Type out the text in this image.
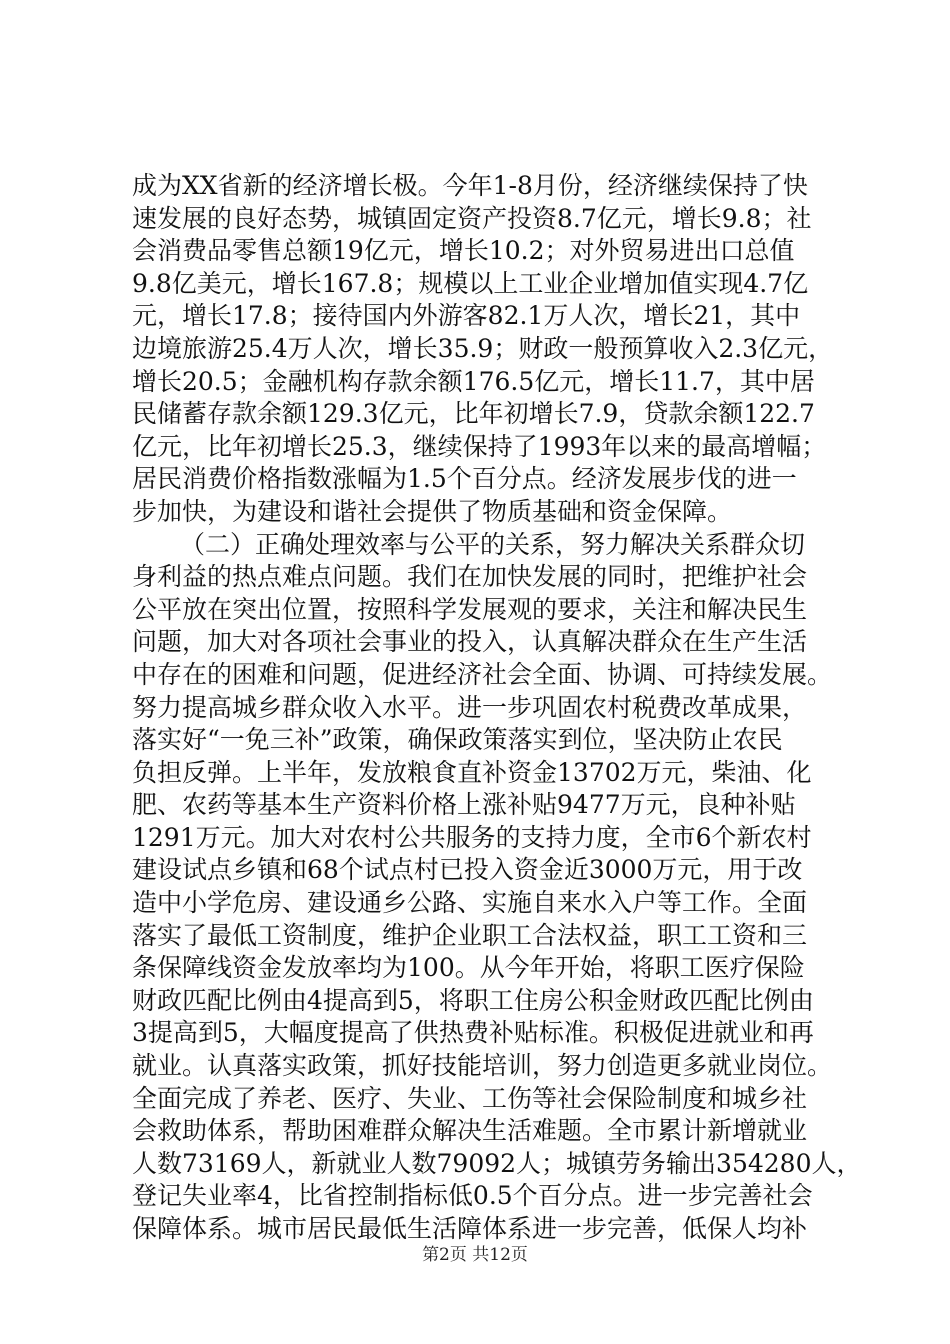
成为XX省新的经济增长极。今年1-8月份，经济继续保持了快
速发展的良好态势，城镇固定资产投资8.7亿元，增长9.8；社
会消费品零售总额19亿元，增长10.2；对外贸易进出口总值
9.8亿美元，增长167.8；规模以上工业企业增加值实现4.7亿
元，增长17.8；接待国内外游客82.1万人次，增长21，其中
边境旅游25.4万人次，增长35.9；财政一般预算收入2.3亿元，
增长20.5；金融机构存款余额176.5亿元，增长11.7，其中居
民储蓄存款余额129.3亿元，比年初增长7.9，贷款余额122.7
亿元，比年初增长25.3，继续保持了1993年以来的最高增幅；
居民消费价格指数涨幅为1.5个百分点。经济发展步伐的进一
步加快，为建设和谐社会提供了物质基础和资金保障。
（二）正确处理效率与公平的关系，努力解决关系群众切
身利益的热点难点问题。我们在加快发展的同时，把维护社会
公平放在突出位置，按照科学发展观的要求，关注和解决民生
问题，加大对各项社会事业的投入，认真解决群众在生产生活
中存在的困难和问题，促进经济社会全面、协调、可持续发展。
努力提高城乡群众收入水平。进一步巩固农村税费改革成果，
落实好“一免三补”政策，确保政策落实到位，坚决防止农民
负担反弹。上半年，发放粮食直补资金13702万元，柴油、化
肥、农药等基本生产资料价格上涨补贴9477万元，良种补贴
1291万元。加大对农村公共服务的支持力度，全市6个新农村
建设试点乡镇和68个试点村已投入资金近3000万元，用于改
造中小学危房、建设通乡公路、实施自来水入户等工作。全面
落实了最低工资制度，维护企业职工合法权益，职工工资和三
条保障线资金发放率均为100。从今年开始，将职工医疗保险
财政匹配比例由4提高到5，将职工住房公积金财政匹配比例由
3提高到5，大幅度提高了供热费补贴标准。积极促进就业和再
就业。认真落实政策，抓好技能培训，努力创造更多就业岗位。
全面完成了养老、医疗、失业、工伤等社会保险制度和城乡社
会救助体系，帮助困难群众解决生活难题。全市累计新增就业
人数73169人，新就业人数79092人；城镇劳务输出354280人，
登记失业率4，比省控制指标低0.5个百分点。进一步完善社会
保障体系。城市居民最低生活障体系进一步完善，低保人均补
第2页 共12页
